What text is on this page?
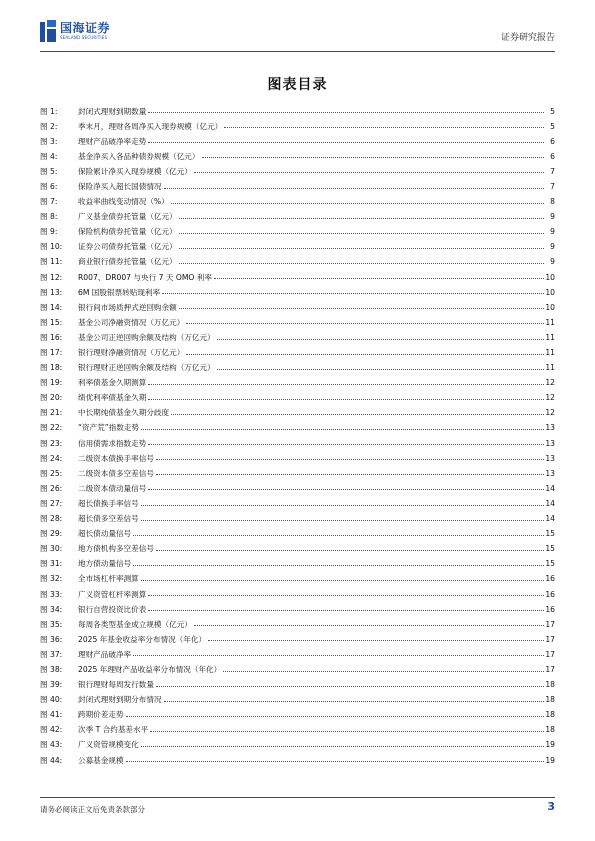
国海证券
SEALAND SECURITIES	证券研究报告
图表目录
图 1:	封闭式理财到期数量	5
图 2:	季末月，理财各周净买入现券规模（亿元）	5
图 3:	理财产品破净率走势	6
图 4:	基金净买入各品种债券规模（亿元）	6
图 5:	保险累计净买入现券规模（亿元）	7
图 6:	保险净买入超长国债情况	7
图 7:	收益率曲线变动情况（%）	8
图 8:	广义基金债券托管量（亿元）	9
图 9:	保险机构债券托管量（亿元）	9
图 10:	证券公司债券托管量（亿元）	9
图 11:	商业银行债券托管量（亿元）	9
图 12:	R007、DR007 与央行 7 天 OMO 利率	10
图 13:	6M 国股银票转贴现利率	10
图 14:	银行间市场质押式逆回购余额	10
图 15:	基金公司净融资情况（万亿元）	11
图 16:	基金公司正逆回购余额及结构（万亿元）	11
图 17:	银行理财净融资情况（万亿元）	11
图 18:	银行理财正逆回购余额及结构（万亿元）	11
图 19:	利率债基金久期测算	12
图 20:	绩优利率债基金久期	12
图 21:	中长期纯债基金久期分歧度	12
图 22:	“资产荒”指数走势	13
图 23:	信用债需求指数走势	13
图 24:	二级资本债换手率信号	13
图 25:	二级资本债多空差信号	13
图 26:	二级资本债动量信号	14
图 27:	超长债换手率信号	14
图 28:	超长债多空差信号	14
图 29:	超长债动量信号	15
图 30:	地方债机构多空差信号	15
图 31:	地方债动量信号	15
图 32:	全市场杠杆率测算	16
图 33:	广义资管杠杆率测算	16
图 34:	银行自营投资比价表	16
图 35:	每周各类型基金成立规模（亿元）	17
图 36:	2025 年基金收益率分布情况（年化）	17
图 37:	理财产品破净率	17
图 38:	2025 年理财产品收益率分布情况（年化）	17
图 39:	银行理财每周发行数量	18
图 40:	封闭式理财到期分布情况	18
图 41:	跨期价差走势	18
图 42:	次季 T 合约基差水平	18
图 43:	广义资管规模变化	19
图 44:	公募基金规模	19
请务必阅读正文后免责条款部分	3
